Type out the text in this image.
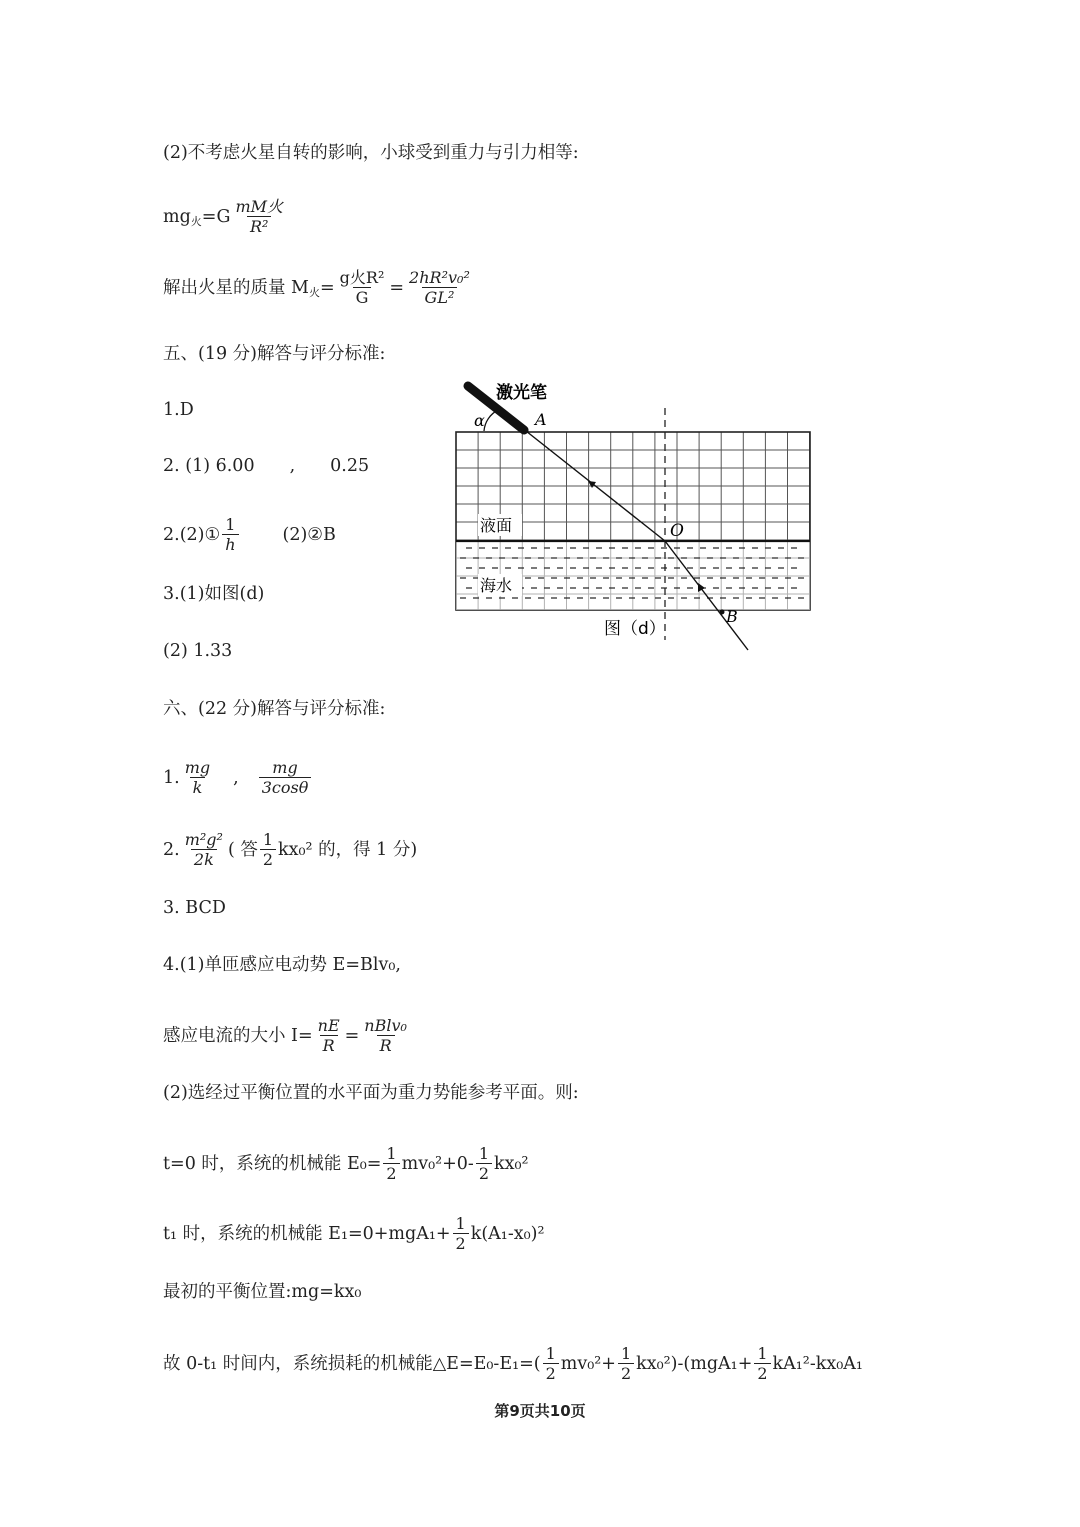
(2)不考虑火星自转的影响，小球受到重力与引力相等:
mg 火 $=G \frac{\text{mM火}}{\text{R²}}$
解出火星的质量 M 火 = $\frac{\text{g火R²}}{G} = \frac{\text{2hR²v₀²}}{\text{GL²}}$
五、(19 分)解答与评分标准:
1.D
2. (1) 6.00　　,　　0.25
2.(2)① $\frac{1}{h}$	(2)②B
3.(1)如图(d)
(2) 1.33
六、(22 分)解答与评分标准:
1. $\frac{mg}{k}$ , $\frac{mg}{3\cos\theta}$
2. $\frac{\text{m²g²}}{2k}$ ( 答 $\frac{1}{2} kx_0^2$ 的，得 1 分)
3. BCD
4.(1)单匝感应电动势 E=Blv₀,
感应电流的大小 $I= \frac{nE}{R} = \frac{\text{nBlv₀}}{R}$
(2)选经过平衡位置的水平面为重力势能参考平面。则:
t=0 时，系统的机械能 $E_0= \frac{1}{2} mv_0^2+0- \frac{1}{2} kx_0^2$
t₁ 时，系统的机械能 $E_1=0+mgA_1+ \frac{1}{2} k(A_1-x_0)^2$
最初的平衡位置:mg=kx₀
故 0-t₁ 时间内，系统损耗的机械能△E=E₀-E₁=( $\frac{1}{2} mv_0^2+ \frac{1}{2} kx_0^2)-(mgA_1+ \frac{1}{2} kA_1^2-kx_0A_1$
激光笔
α	A
O
B
液面
海水
图（d）
第9页共10页
